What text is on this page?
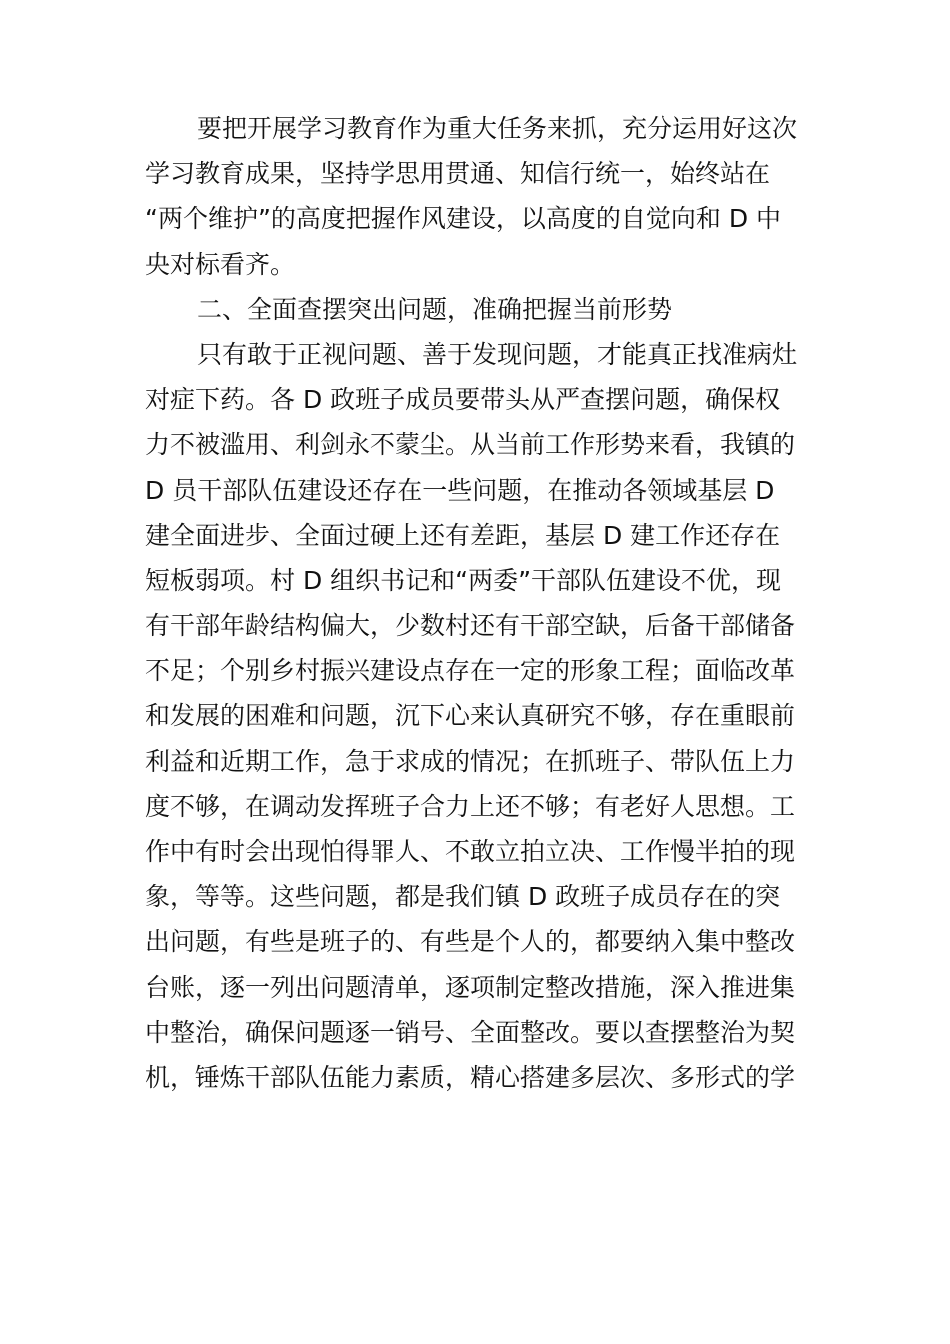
要把开展学习教育作为重大任务来抓，充分运用好这次
学习教育成果，坚持学思用贯通、知信行统一，始终站在
“两个维护”的高度把握作风建设，以高度的自觉向和 D 中
央对标看齐。
二、全面查摆突出问题，准确把握当前形势
只有敢于正视问题、善于发现问题，才能真正找准病灶
对症下药。各 D 政班子成员要带头从严查摆问题，确保权
力不被滥用、利剑永不蒙尘。从当前工作形势来看，我镇的
D 员干部队伍建设还存在一些问题，在推动各领域基层 D
建全面进步、全面过硬上还有差距，基层 D 建工作还存在
短板弱项。村 D 组织书记和“两委”干部队伍建设不优，现
有干部年龄结构偏大，少数村还有干部空缺，后备干部储备
不足；个别乡村振兴建设点存在一定的形象工程；面临改革
和发展的困难和问题，沉下心来认真研究不够，存在重眼前
利益和近期工作，急于求成的情况；在抓班子、带队伍上力
度不够，在调动发挥班子合力上还不够；有老好人思想。工
作中有时会出现怕得罪人、不敢立拍立决、工作慢半拍的现
象，等等。这些问题，都是我们镇 D 政班子成员存在的突
出问题，有些是班子的、有些是个人的，都要纳入集中整改
台账，逐一列出问题清单，逐项制定整改措施，深入推进集
中整治，确保问题逐一销号、全面整改。要以查摆整治为契
机，锤炼干部队伍能力素质，精心搭建多层次、多形式的学
